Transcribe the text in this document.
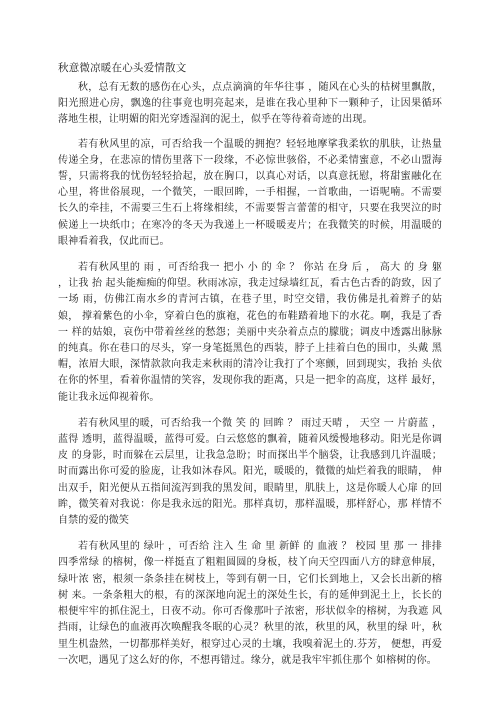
秋意微凉暖在心头爱情散文

秋，总有无数的感伤在心头，点点滴滴的年华往事 ，随风在心头的枯树里飘散，阳光照进心房，飘逸的往事竟也明亮起来，是谁在我心里种下一颗种子，让因果循环落地生根，让明媚的阳光穿透湿润的泥土，似乎在等待着奇迹的出现。

若有秋风里的凉，可否给我一个温暖的拥抱？轻轻地摩挲我柔软的肌肤，让热量传递全身，在悲凉的情伤里落下一段缘，不必惊世骇俗，不必柔情蜜意，不必山盟海誓，只需将我的忧伤轻轻拾起，放在胸口，以真心对话，以真意抚慰，将甜蜜融化在心里，将世俗展现，一个微笑，一眼回眸，一手相握，一首歌曲，一语呢喃。不需要长久的牵挂，不需要三生石上将缘相续，不需要誓言蕾蕾的相守，只要在我哭泣的时候递上一块纸巾；在寒冷的冬天为我递上一杯暖暖麦片；在我微笑的时候，用温暖的眼神看着我，仅此而已。

若有秋风里的 雨 ，可否给我一 把小 小 的 伞 ？ 你站 在身 后 ， 高大 的 身 躯 ，让我 抬 起头能痴痴的仰望。秋雨冰凉，我走过绿墙红瓦，看古色古香的韵致，因了一场 雨，仿佛江南水乡的青河古镇，在巷子里，时空交错，我仿佛是扎着辫子的姑娘， 撑着紫色的小伞，穿着白色的旗袍，花色的布鞋踏着地下的水花。啊，我是了香一 样的姑娘，哀伤中带着丝丝的愁怨；美丽中夹杂着点点的朦胧；调皮中透露出脉脉 的纯真。你在巷口的尽头，穿一身笔挺黑色的西装，脖子上挂着白色的围巾，头戴 黑帽，浓眉大眼，深情款款向我走来秋雨的清冷让我打了个寒颤，回到现实，我抬 头依在你的怀里，看着你温情的笑容，发现你我的距离，只是一把伞的高度，这样 最好，能让我永远仰视着你。

若有秋风里的暖，可否给我一个微 笑 的 回眸 ？ 雨过天晴 ， 天空 一 片蔚蓝 ， 蓝得 透明，蓝得温暖，蓝得可爱。白云悠悠的飘着，随着风缓慢地移动。阳光是你调皮 的身影，时而躲在云层里，让我急急盼；时而探出半个脑袋，让我感到几许温暖； 时而露出你可爱的脸庞，让我如沐春风。阳光，暖暖的，微微的灿烂着我的眼睛， 伸出双手，阳光便从五指间流泻到我的黑发间，眼睛里，肌肤上，这是你暖人心扉 的回眸，微笑着对我说：你是我永远的阳光。那样真切，那样温暖，那样舒心，那 样情不自禁的爱的微笑

若有秋风里的 绿叶 ，可否给 注入 生 命 里 新鲜 的 血液 ？ 校园 里 那 一 排排四季常绿 的榕树，像一样挺直了粗粗圆圆的身板，枝丫向天空四面八方的肆意伸展，绿叶浓 密，根须一条条挂在树枝上，等到有朝一日，它们长到地上，又会长出新的榕树 来。一条条粗大的根，有的深深地向泥土的深处生长，有的延伸到泥土上，长长的 根便牢牢的抓住泥土，日夜不动。你可否像那叶子浓密，形状似伞的榕树，为我遮 风挡雨，让绿色的血液再次唤醒我冬眠的心灵？秋里的浓，秋里的风，秋里的绿 叶，秋里生机盎然，一切都那样美好，根穿过心灵的土壤，我嗅着泥土的.芬芳， 便想，再爱一次吧，遇见了这么好的你，不想再错过。缘分，就是我牢牢抓住那个 如榕树的你。
